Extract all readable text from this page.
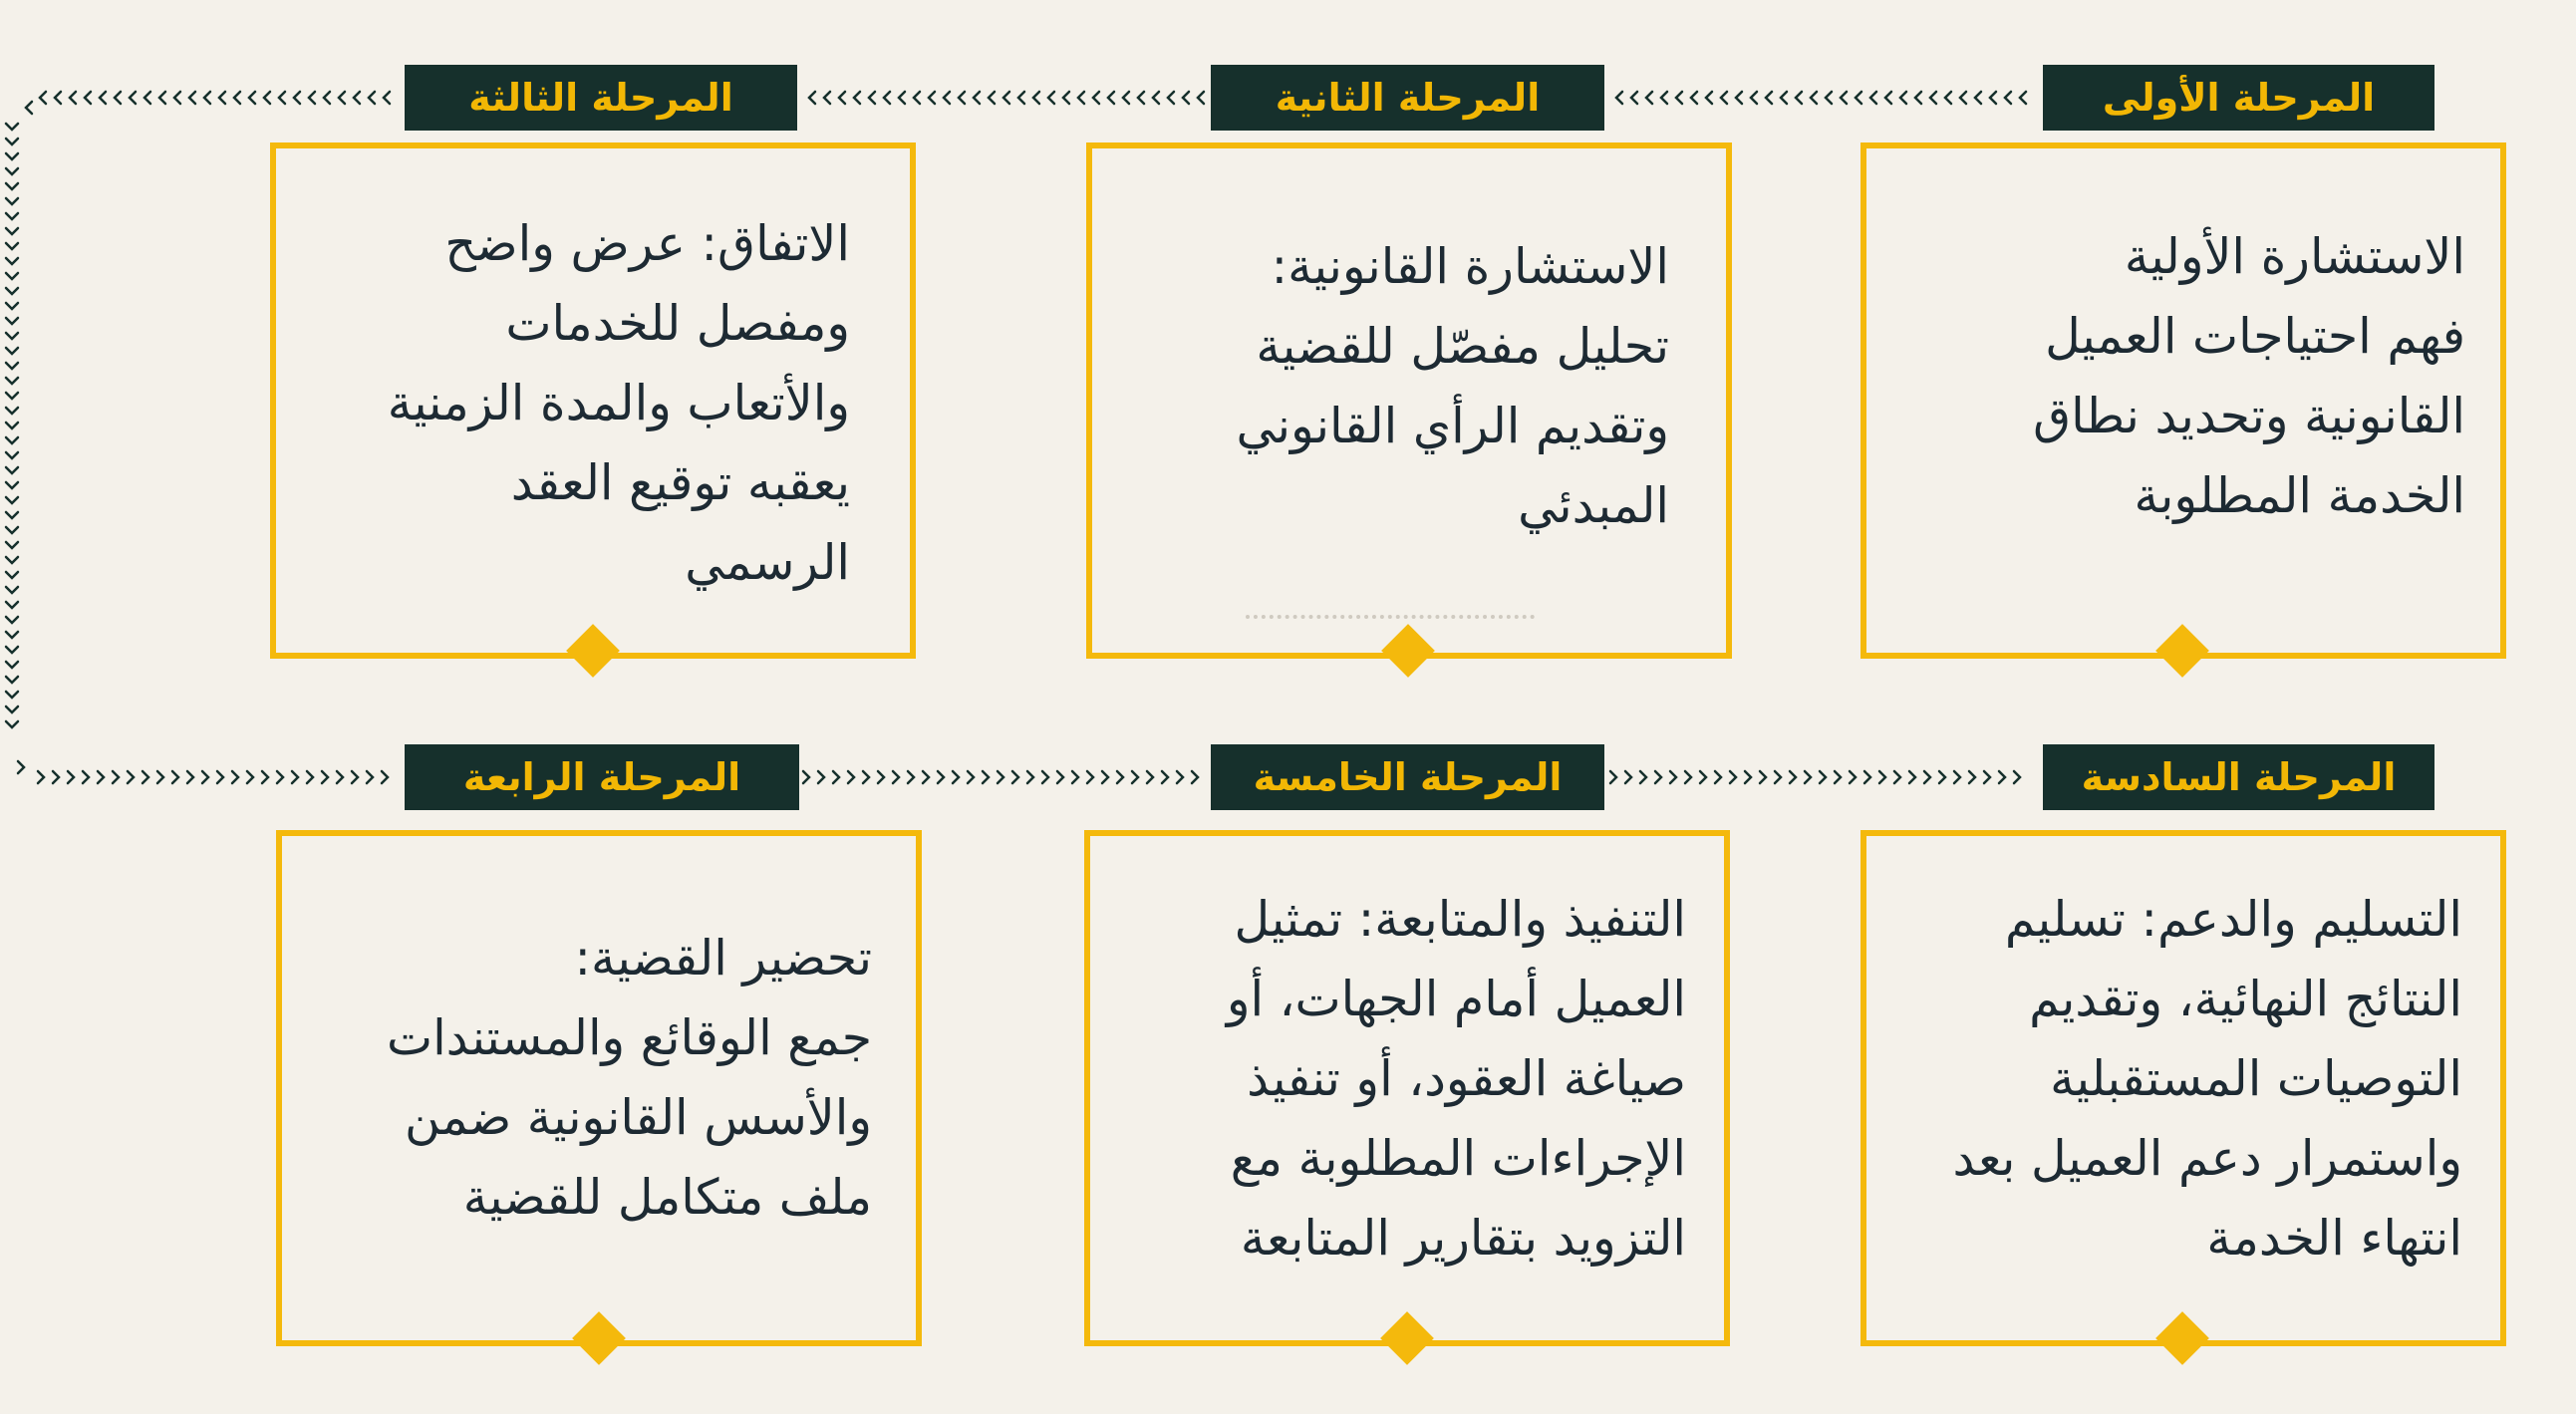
المرحلة الأولى
الاستشارة الأولية
فهم احتياجات العميل
القانونية وتحديد نطاق
الخدمة المطلوبة
المرحلة الثانية
الاستشارة القانونية:
تحليل مفصّل للقضية
وتقديم الرأي القانوني
المبدئي
المرحلة الثالثة
الاتفاق: عرض واضح
ومفصل للخدمات
والأتعاب والمدة الزمنية
يعقبه توقيع العقد
الرسمي
المرحلة الرابعة
تحضير القضية:
جمع الوقائع والمستندات
والأسس القانونية ضمن
ملف متكامل للقضية
المرحلة الخامسة
التنفيذ والمتابعة: تمثيل
العميل أمام الجهات، أو
صياغة العقود، أو تنفيذ
الإجراءات المطلوبة مع
التزويد بتقارير المتابعة
المرحلة السادسة
التسليم والدعم: تسليم
النتائج النهائية، وتقديم
التوصيات المستقبلية
واستمرار دعم العميل بعد
انتهاء الخدمة
